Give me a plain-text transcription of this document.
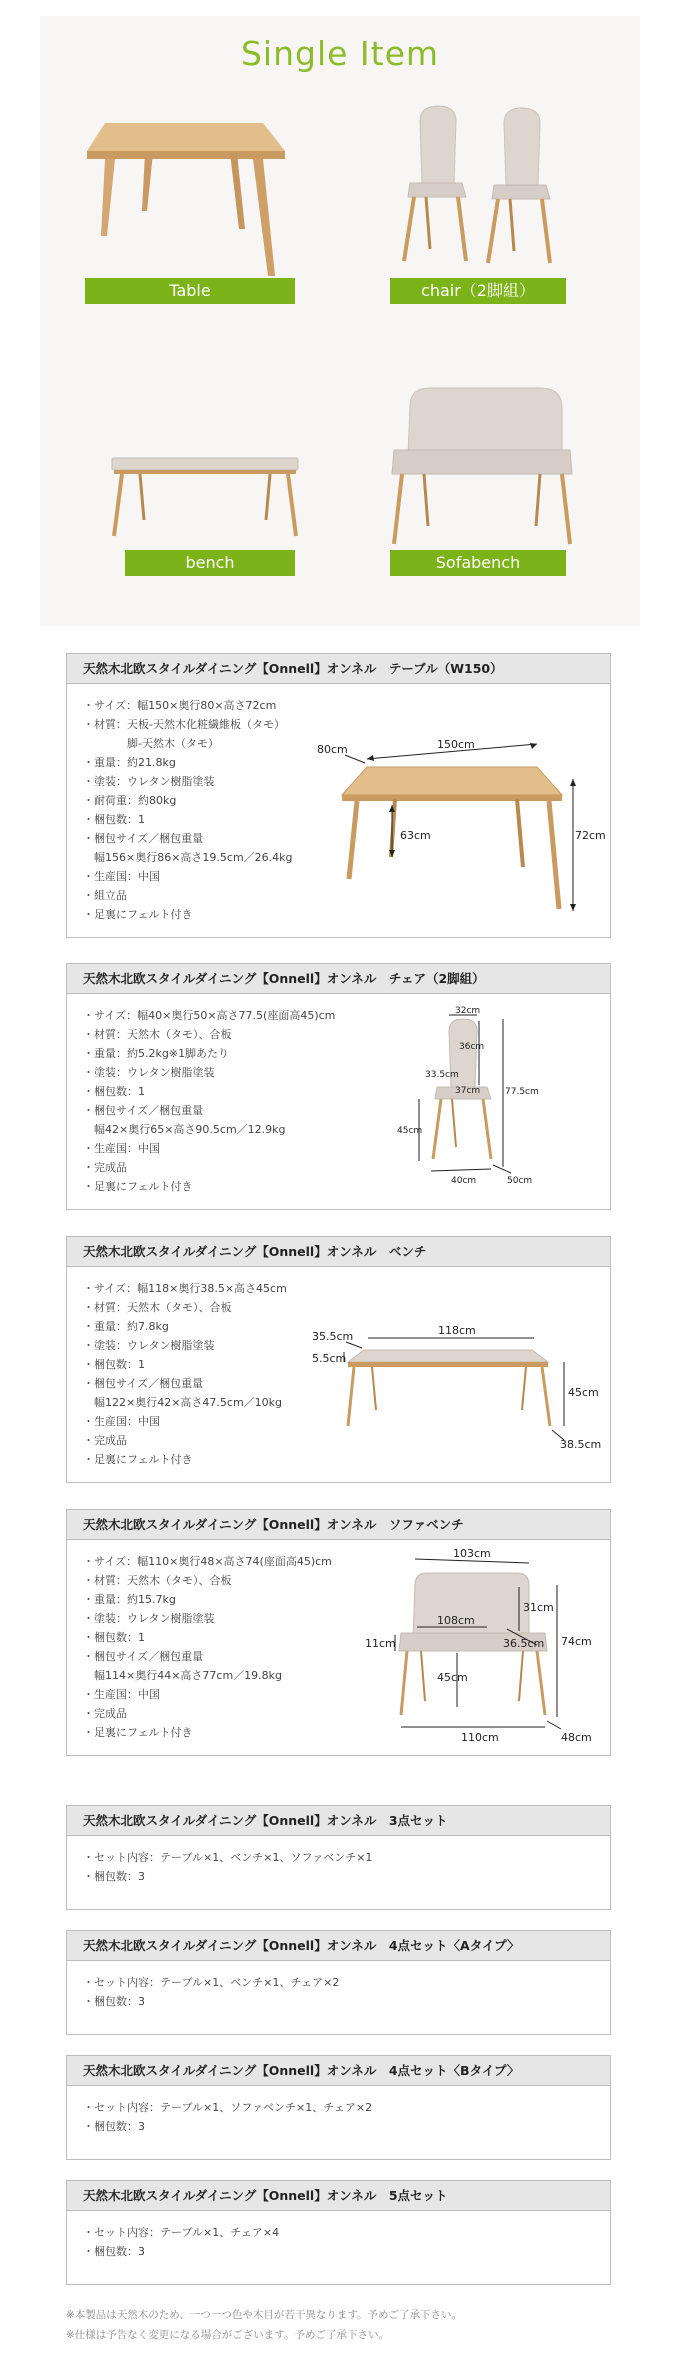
Single Item
Table	chair（2脚組）
bench	Sofabench
天然木北欧スタイルダイニング【Onnell】オンネル　テーブル（W150）
・サイズ：幅150×奥行80×高さ72cm
・材質：天板-天然木化粧繊維板（タモ）
　　　　脚-天然木（タモ）
・重量：約21.8kg
・塗装：ウレタン樹脂塗装
・耐荷重：約80kg
・梱包数：1
・梱包サイズ／梱包重量
　幅156×奥行86×高さ19.5cm／26.4kg
・生産国：中国
・組立品
・足裏にフェルト付き
150cm
80cm
72cm
63cm
天然木北欧スタイルダイニング【Onnell】オンネル　チェア（2脚組）
・サイズ：幅40×奥行50×高さ77.5(座面高45)cm
・材質：天然木（タモ）、合板
・重量：約5.2kg※1脚あたり
・塗装：ウレタン樹脂塗装
・梱包数：1
・梱包サイズ／梱包重量
　幅42×奥行65×高さ90.5cm／12.9kg
・生産国：中国
・完成品
・足裏にフェルト付き
32cm
36cm
33.5cm
37cm	77.5cm
45cm
40cm	50cm
天然木北欧スタイルダイニング【Onnell】オンネル　ベンチ
・サイズ：幅118×奥行38.5×高さ45cm
・材質：天然木（タモ）、合板
・重量：約7.8kg
・塗装：ウレタン樹脂塗装
・梱包数：1
・梱包サイズ／梱包重量
　幅122×奥行42×高さ47.5cm／10kg
・生産国：中国
・完成品
・足裏にフェルト付き
118cm
35.5cm
5.5cm
45cm
38.5cm
天然木北欧スタイルダイニング【Onnell】オンネル　ソファベンチ
・サイズ：幅110×奥行48×高さ74(座面高45)cm
・材質：天然木（タモ）、合板
・重量：約15.7kg
・塗装：ウレタン樹脂塗装
・梱包数：1
・梱包サイズ／梱包重量
　幅114×奥行44×高さ77cm／19.8kg
・生産国：中国
・完成品
・足裏にフェルト付き
103cm
108cm
31cm
36.5cm
11cm
45cm
74cm
110cm	48cm
天然木北欧スタイルダイニング【Onnell】オンネル　3点セット
・セット内容：テーブル×1、ベンチ×1、ソファベンチ×1
・梱包数：3
天然木北欧スタイルダイニング【Onnell】オンネル　4点セット〈Aタイプ〉
・セット内容：テーブル×1、ベンチ×1、チェア×2
・梱包数：3
天然木北欧スタイルダイニング【Onnell】オンネル　4点セット〈Bタイプ〉
・セット内容：テーブル×1、ソファベンチ×1、チェア×2
・梱包数：3
天然木北欧スタイルダイニング【Onnell】オンネル　5点セット
・セット内容：テーブル×1、チェア×4
・梱包数：3
※本製品は天然木のため、一つ一つ色や木目が若干異なります。予めご了承下さい。
※仕様は予告なく変更になる場合がございます。予めご了承下さい。
